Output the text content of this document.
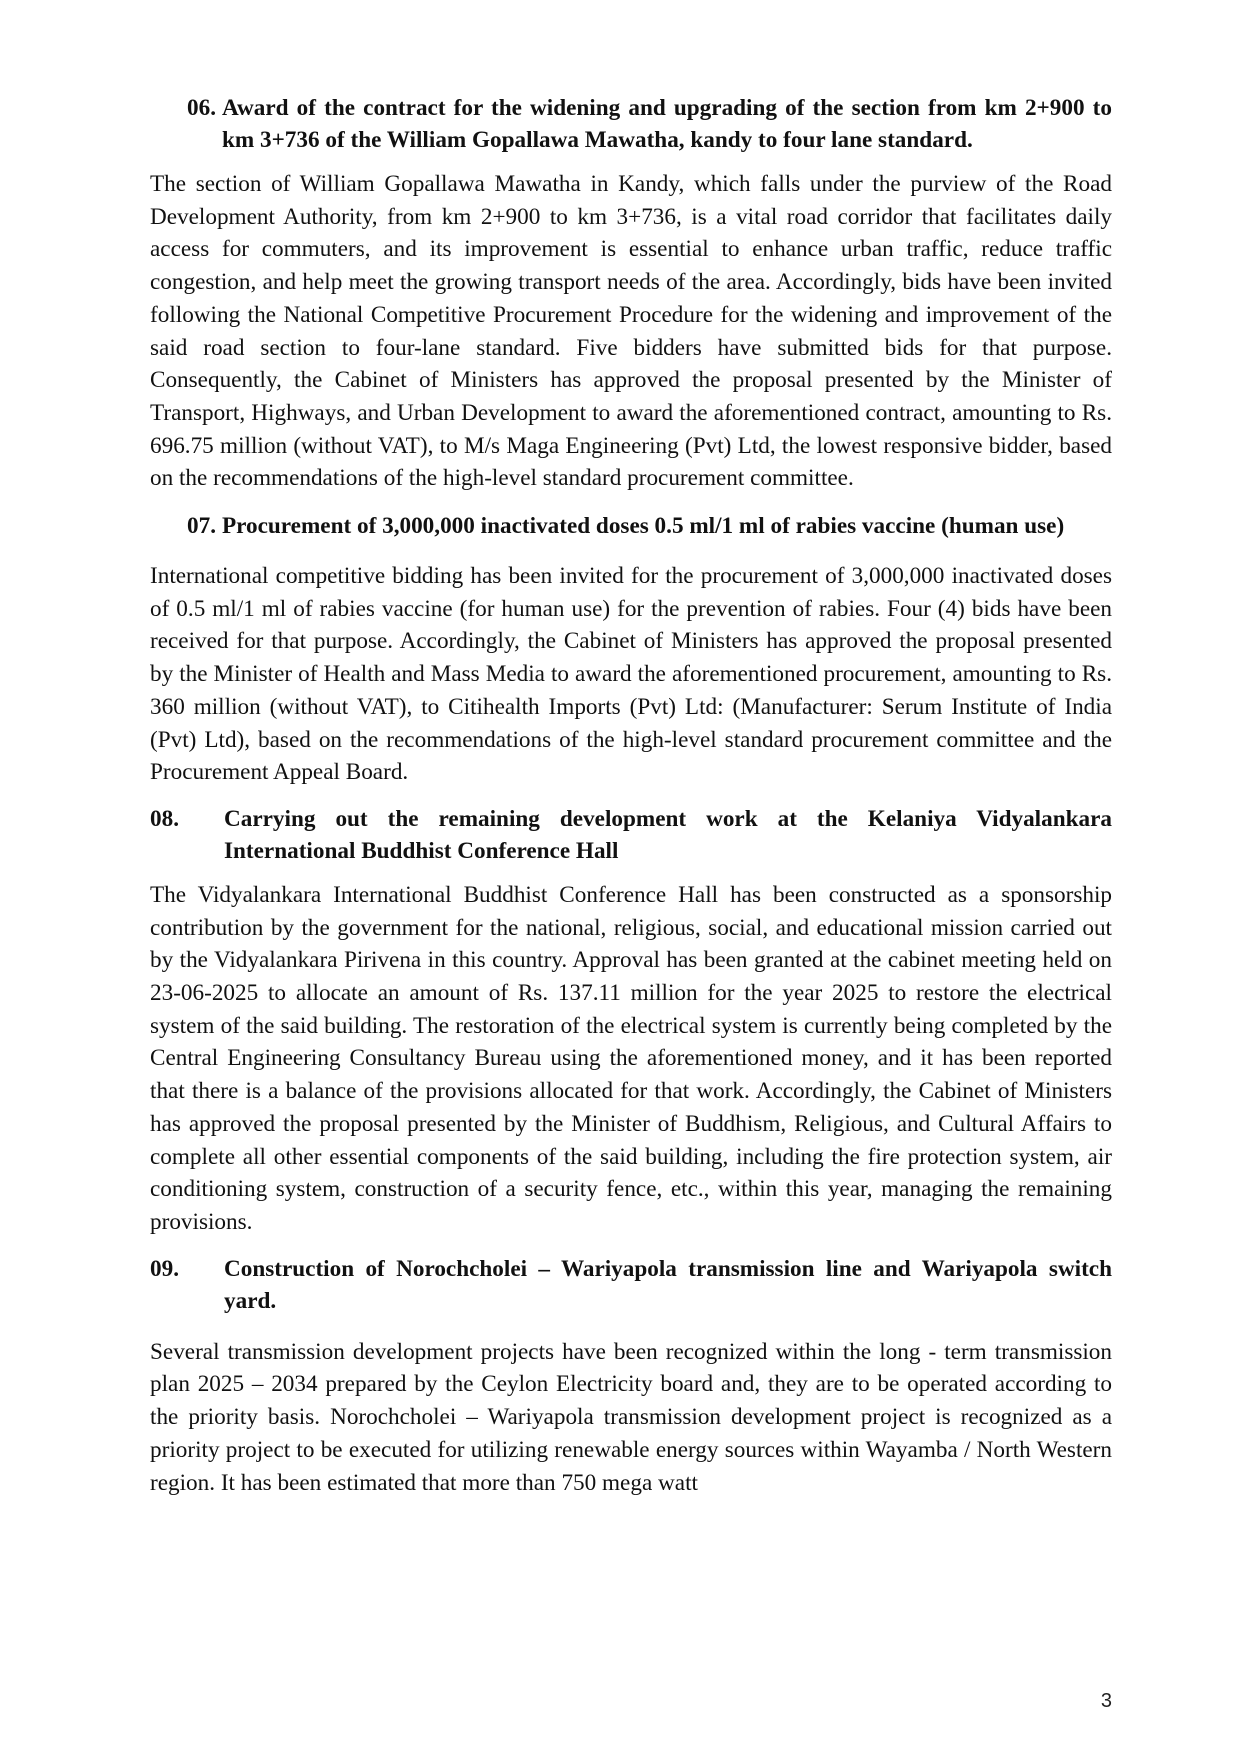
06. Award of the contract for the widening and upgrading of the section from km 2+900 to km 3+736 of the William Gopallawa Mawatha, kandy to four lane standard.

The section of William Gopallawa Mawatha in Kandy, which falls under the purview of the Road Development Authority, from km 2+900 to km 3+736, is a vital road corridor that facilitates daily access for commuters, and its improvement is essential to enhance urban traffic, reduce traffic congestion, and help meet the growing transport needs of the area. Accordingly, bids have been invited following the National Competitive Procurement Procedure for the widening and improvement of the said road section to four-lane standard. Five bidders have submitted bids for that purpose. Consequently, the Cabinet of Ministers has approved the proposal presented by the Minister of Transport, Highways, and Urban Development to award the aforementioned contract, amounting to Rs. 696.75 million (without VAT), to M/s Maga Engineering (Pvt) Ltd, the lowest responsive bidder, based on the recommendations of the high-level standard procurement committee.

07. Procurement of 3,000,000 inactivated doses 0.5 ml/1 ml of rabies vaccine (human use)

International competitive bidding has been invited for the procurement of 3,000,000 inactivated doses of 0.5 ml/1 ml of rabies vaccine (for human use) for the prevention of rabies. Four (4) bids have been received for that purpose. Accordingly, the Cabinet of Ministers has approved the proposal presented by the Minister of Health and Mass Media to award the aforementioned procurement, amounting to Rs. 360 million (without VAT), to Citihealth Imports (Pvt) Ltd: (Manufacturer: Serum Institute of India (Pvt) Ltd), based on the recommendations of the high-level standard procurement committee and the Procurement Appeal Board.

08.	Carrying out the remaining development work at the Kelaniya Vidyalankara International Buddhist Conference Hall

The Vidyalankara International Buddhist Conference Hall has been constructed as a sponsorship contribution by the government for the national, religious, social, and educational mission carried out by the Vidyalankara Pirivena in this country. Approval has been granted at the cabinet meeting held on 23-06-2025 to allocate an amount of Rs. 137.11 million for the year 2025 to restore the electrical system of the said building. The restoration of the electrical system is currently being completed by the Central Engineering Consultancy Bureau using the aforementioned money, and it has been reported that there is a balance of the provisions allocated for that work. Accordingly, the Cabinet of Ministers has approved the proposal presented by the Minister of Buddhism, Religious, and Cultural Affairs to complete all other essential components of the said building, including the fire protection system, air conditioning system, construction of a security fence, etc., within this year, managing the remaining provisions.

09.	Construction of Norochcholei – Wariyapola transmission line and Wariyapola switch yard.

Several transmission development projects have been recognized within the long - term transmission plan 2025 – 2034 prepared by the Ceylon Electricity board and, they are to be operated according to the priority basis. Norochcholei – Wariyapola transmission development project is recognized as a priority project to be executed for utilizing renewable energy sources within Wayamba / North Western region. It has been estimated that more than 750 mega watt

3
